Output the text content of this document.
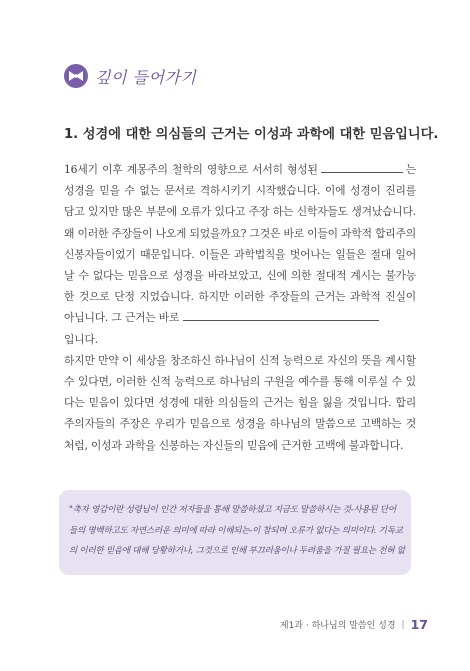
깊이 들어가기
1. 성경에 대한 의심들의 근거는 이성과 과학에 대한 믿음입니다.

16세기 이후 계몽주의 철학의 영향으로 서서히 형성된	는 성경을 믿을 수 없는 문서로 격하시키기 시작했습니다. 이에 성경이 진리를 담고 있지만 많은 부분에 오류가 있다고 주장 하는 신학자들도 생겨났습니다. 왜 이러한 주장들이 나오게 되었을까요? 그것은 바로 이들이 과학적 합리주의 신봉자들이었기 때문입니다. 이들은 과학법칙을 벗어나는 일들은 절대 일어날 수 없다는 믿음으로 성경을 바라보았고, 신에 의한 절대적 계시는 불가능한 것으로 단정 지었습니다. 하지만 이러한 주장들의 근거는 과학적 진실이 아닙니다. 그 근거는 바로
입니다.

하지만 만약 이 세상을 창조하신 하나님이 신적 능력으로 자신의 뜻을 계시할 수 있다면, 이러한 신적 능력으로 하나님의 구원을 예수를 통해 이루실 수 있다는 믿음이 있다면 성경에 대한 의심들의 근거는 힘을 잃을 것입니다. 합리주의자들의 주장은 우리가 믿음으로 성경을 하나님의 말씀으로 고백하는 것처럼, 이성과 과학을 신봉하는 자신들의 믿음에 근거한 고백에 불과합니다.

"축자 영감이란 성령님이 인간 저자들을 통해 말씀하셨고 지금도 말씀하시는 것-사용된 단어
들의 명백하고도 자연스러운 의미에 따라 이해되는-이 참되며 오류가 없다는 의미이다. 기독교
의 이러한 믿음에 대해 당황하거나, 그것으로 인해 부끄러움이나 두려움을 가질 필요는 전혀 없
제1과 · 하나님의 말씀인 성경 | 17
